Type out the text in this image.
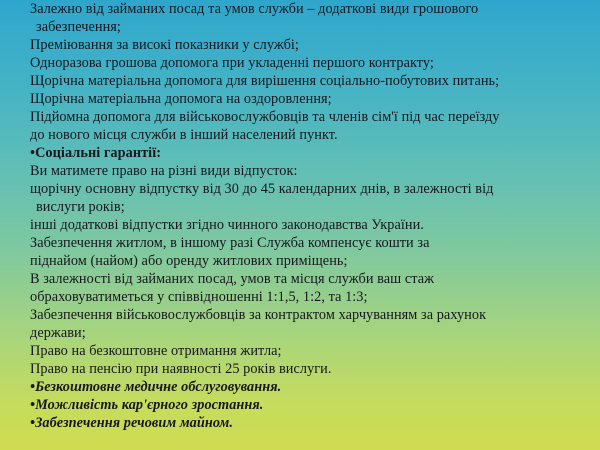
Залежно від займаних посад та умов служби – додаткові види грошового
забезпечення;
Преміювання за високі показники у службі;
Одноразова грошова допомога при укладенні першого контракту;
Щорічна матеріальна допомога для вирішення соціально-побутових питань;
Щорічна матеріальна допомога на оздоровлення;
Підйомна допомога для військовослужбовців та членів сім'ї під час переїзду
до нового місця служби в інший населений пункт.
•Соціальні гарантії:
Ви матимете право на різні види відпусток:
щорічну основну відпустку від 30 до 45 календарних днів, в залежності від
вислуги років;
інші додаткові відпустки згідно чинного законодавства України.
Забезпечення житлом, в іншому разі Служба компенсує кошти за
піднайом (найом) або оренду житлових приміщень;
В залежності від займаних посад, умов та місця служби ваш стаж
обраховуватиметься у співвідношенні 1:1,5, 1:2, та 1:3;
Забезпечення військовослужбовців за контрактом харчуванням за рахунок
держави;
Право на безкоштовне отримання житла;
Право на пенсію при наявності 25 років вислуги.
•Безкоштовне медичне обслуговування.
•Можливість кар'єрного зростання.
•Забезпечення речовим майном.
